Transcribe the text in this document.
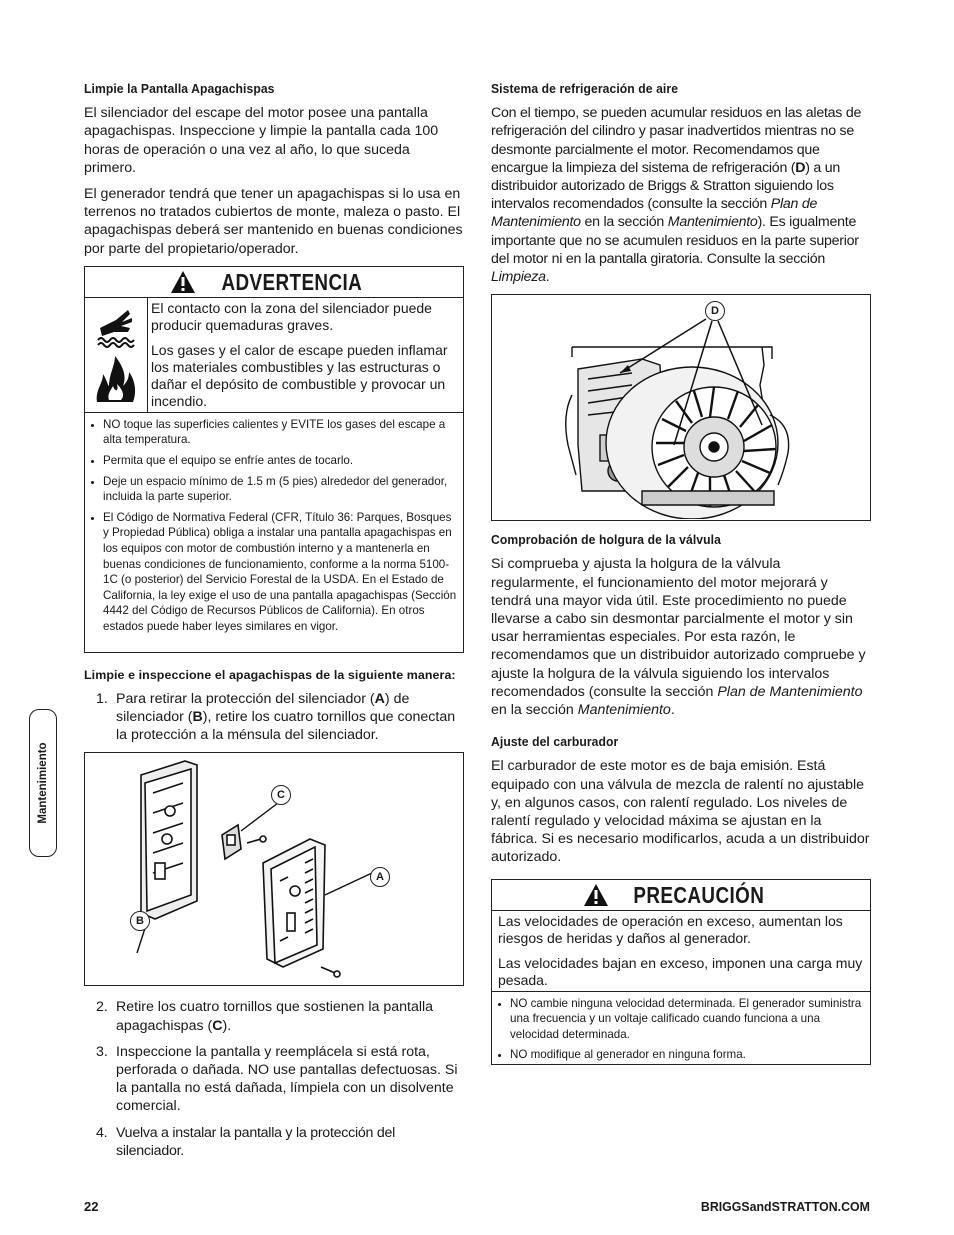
Mantenimiento
Limpie la Pantalla Apagachispas

El silenciador del escape del motor posee una pantalla apagachispas. Inspeccione y limpie la pantalla cada 100 horas de operación o una vez al año, lo que suceda primero.

El generador tendrá que tener un apagachispas si lo usa en terrenos no tratados cubiertos de monte, maleza o pasto. El apagachispas deberá ser mantenido en buenas condiciones por parte del propietario/operador.

ADVERTENCIA

El contacto con la zona del silenciador puede producir quemaduras graves.

Los gases y el calor de escape pueden inflamar los materiales combustibles y las estructuras o dañar el depósito de combustible y provocar un incendio.

• NO toque las superficies calientes y EVITE los gases del escape a alta temperatura.
• Permita que el equipo se enfríe antes de tocarlo.
• Deje un espacio mínimo de 1.5 m (5 pies) alrededor del generador, incluida la parte superior.
• El Código de Normativa Federal (CFR, Título 36: Parques, Bosques y Propiedad Pública) obliga a instalar una pantalla apagachispas en los equipos con motor de combustión interno y a mantenerla en buenas condiciones de funcionamiento, conforme a la norma 5100-1C (o posterior) del Servicio Forestal de la USDA. En el Estado de California, la ley exige el uso de una pantalla apagachispas (Sección 4442 del Código de Recursos Públicos de California). En otros estados puede haber leyes similares en vigor.
Limpie e inspeccione el apagachispas de la siguiente manera:
1. Para retirar la protección del silenciador (A) de silenciador (B), retire los cuatro tornillos que conectan la protección a la ménsula del silenciador.
C
A
B
2. Retire los cuatro tornillos que sostienen la pantalla apagachispas (C).
3. Inspeccione la pantalla y reemplácela si está rota, perforada o dañada. NO use pantallas defectuosas. Si la pantalla no está dañada, límpiela con un disolvente comercial.
4. Vuelva a instalar la pantalla y la protección del silenciador.
Sistema de refrigeración de aire

Con el tiempo, se pueden acumular residuos en las aletas de refrigeración del cilindro y pasar inadvertidos mientras no se desmonte parcialmente el motor. Recomendamos que encargue la limpieza del sistema de refrigeración (D) a un distribuidor autorizado de Briggs & Stratton siguiendo los intervalos recomendados (consulte la sección Plan de Mantenimiento en la sección Mantenimiento). Es igualmente importante que no se acumulen residuos en la parte superior del motor ni en la pantalla giratoria. Consulte la sección Limpieza.

D
Comprobación de holgura de la válvula

Si comprueba y ajusta la holgura de la válvula regularmente, el funcionamiento del motor mejorará y tendrá una mayor vida útil. Este procedimiento no puede llevarse a cabo sin desmontar parcialmente el motor y sin usar herramientas especiales. Por esta razón, le recomendamos que un distribuidor autorizado compruebe y ajuste la holgura de la válvula siguiendo los intervalos recomendados (consulte la sección Plan de Mantenimiento en la sección Mantenimiento.

Ajuste del carburador

El carburador de este motor es de baja emisión. Está equipado con una válvula de mezcla de ralentí no ajustable y, en algunos casos, con ralentí regulado. Los niveles de ralentí regulado y velocidad máxima se ajustan en la fábrica. Si es necesario modificarlos, acuda a un distribuidor autorizado.

PRECAUCIÓN

Las velocidades de operación en exceso, aumentan los riesgos de heridas y daños al generador.

Las velocidades bajan en exceso, imponen una carga muy pesada.

• NO cambie ninguna velocidad determinada. El generador suministra una frecuencia y un voltaje calificado cuando funciona a una velocidad determinada.
• NO modifique al generador en ninguna forma.
22	BRIGGSandSTRATTON.COM
